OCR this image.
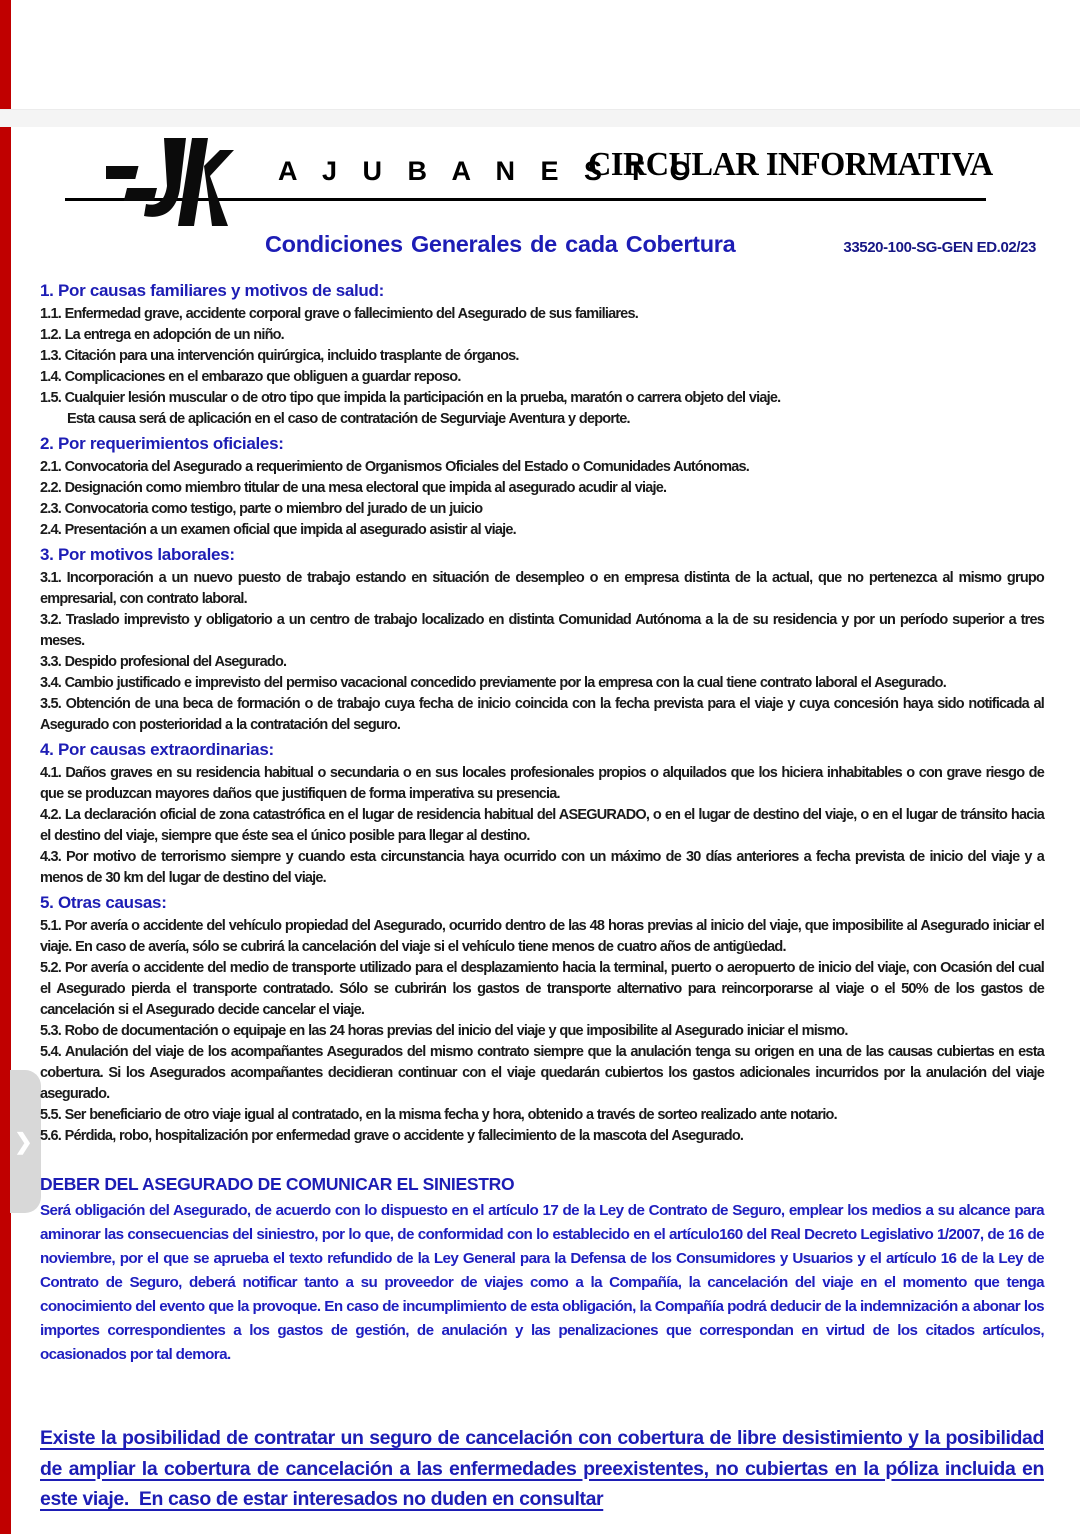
❯
A J U B A N E S T O
CIRCULAR INFORMATIVA
Condiciones Generales de cada Cobertura	33520-100-SG-GEN ED.02/23
1. Por causas familiares y motivos de salud:

1.1. Enfermedad grave, accidente corporal grave o fallecimiento del Asegurado de sus familiares.

1.2. La entrega en adopción de un niño.

1.3. Citación para una intervención quirúrgica, incluido trasplante de órganos.

1.4. Complicaciones en el embarazo que obliguen a guardar reposo.

1.5. Cualquier lesión muscular o de otro tipo que impida la participación en la prueba, maratón o carrera objeto del viaje.

Esta causa será de aplicación en el caso de contratación de Segurviaje Aventura y deporte.

2. Por requerimientos oficiales:

2.1. Convocatoria del Asegurado a requerimiento de Organismos Oficiales del Estado o Comunidades Autónomas.

2.2. Designación como miembro titular de una mesa electoral que impida al asegurado acudir al viaje.

2.3. Convocatoria como testigo, parte o miembro del jurado de un juicio

2.4. Presentación a un examen oficial que impida al asegurado asistir al viaje.

3. Por motivos laborales:

3.1. Incorporación a un nuevo puesto de trabajo estando en situación de desempleo o en empresa distinta de la actual, que no pertenezca al mismo grupo empresarial, con contrato laboral.

3.2. Traslado imprevisto y obligatorio a un centro de trabajo localizado en distinta Comunidad Autónoma a la de su residencia y por un período superior a tres meses.

3.3. Despido profesional del Asegurado.

3.4. Cambio justificado e imprevisto del permiso vacacional concedido previamente por la empresa con la cual tiene contrato laboral el Asegurado.

3.5. Obtención de una beca de formación o de trabajo cuya fecha de inicio coincida con la fecha prevista para el viaje y cuya concesión haya sido notificada al Asegurado con posterioridad a la contratación del seguro.

4. Por causas extraordinarias:

4.1. Daños graves en su residencia habitual o secundaria o en sus locales profesionales propios o alquilados que los hiciera inhabitables o con grave riesgo de que se produzcan mayores daños que justifiquen de forma imperativa su presencia.

4.2. La declaración oficial de zona catastrófica en el lugar de residencia habitual del ASEGURADO, o en el lugar de destino del viaje, o en el lugar de tránsito hacia el destino del viaje, siempre que éste sea el único posible para llegar al destino.

4.3. Por motivo de terrorismo siempre y cuando esta circunstancia haya ocurrido con un máximo de 30 días anteriores a fecha prevista de inicio del viaje y a menos de 30 km del lugar de destino del viaje.

5. Otras causas:

5.1. Por avería o accidente del vehículo propiedad del Asegurado, ocurrido dentro de las 48 horas previas al inicio del viaje, que imposibilite al Asegurado iniciar el viaje. En caso de avería, sólo se cubrirá la cancelación del viaje si el vehículo tiene menos de cuatro años de antigüedad.

5.2. Por avería o accidente del medio de transporte utilizado para el desplazamiento hacia la terminal, puerto o aeropuerto de inicio del viaje, con Ocasión del cual el Asegurado pierda el transporte contratado. Sólo se cubrirán los gastos de transporte alternativo para reincorporarse al viaje o el 50% de los gastos de cancelación si el Asegurado decide cancelar el viaje.

5.3. Robo de documentación o equipaje en las 24 horas previas del inicio del viaje y que imposibilite al Asegurado iniciar el mismo.

5.4. Anulación del viaje de los acompañantes Asegurados del mismo contrato siempre que la anulación tenga su origen en una de las causas cubiertas en esta cobertura. Si los Asegurados acompañantes decidieran continuar con el viaje quedarán cubiertos los gastos adicionales incurridos por la anulación del viaje asegurado.

5.5. Ser beneficiario de otro viaje igual al contratado, en la misma fecha y hora, obtenido a través de sorteo realizado ante notario.

5.6. Pérdida, robo, hospitalización por enfermedad grave o accidente y fallecimiento de la mascota del Asegurado.

DEBER DEL ASEGURADO DE COMUNICAR EL SINIESTRO

Será obligación del Asegurado, de acuerdo con lo dispuesto en el artículo 17 de la Ley de Contrato de Seguro, emplear los medios a su alcance para aminorar las consecuencias del siniestro, por lo que, de conformidad con lo establecido en el artículo160 del Real Decreto Legislativo 1/2007, de 16 de noviembre, por el que se aprueba el texto refundido de la Ley General para la Defensa de los Consumidores y Usuarios y el artículo 16 de la Ley de Contrato de Seguro, deberá notificar tanto a su proveedor de viajes como a la Compañía, la cancelación del viaje en el momento que tenga conocimiento del evento que la provoque. En caso de incumplimiento de esta obligación, la Compañía podrá deducir de la indemnización a abonar los importes correspondientes a los gastos de gestión, de anulación y las penalizaciones que correspondan en virtud de los citados artículos, ocasionados por tal demora.

Existe la posibilidad de contratar un seguro de cancelación con cobertura de libre desistimiento y la posibilidad de ampliar la cobertura de cancelación a las enfermedades preexistentes, no cubiertas en la póliza incluida en este viaje.  En caso de estar interesados no duden en consultar
